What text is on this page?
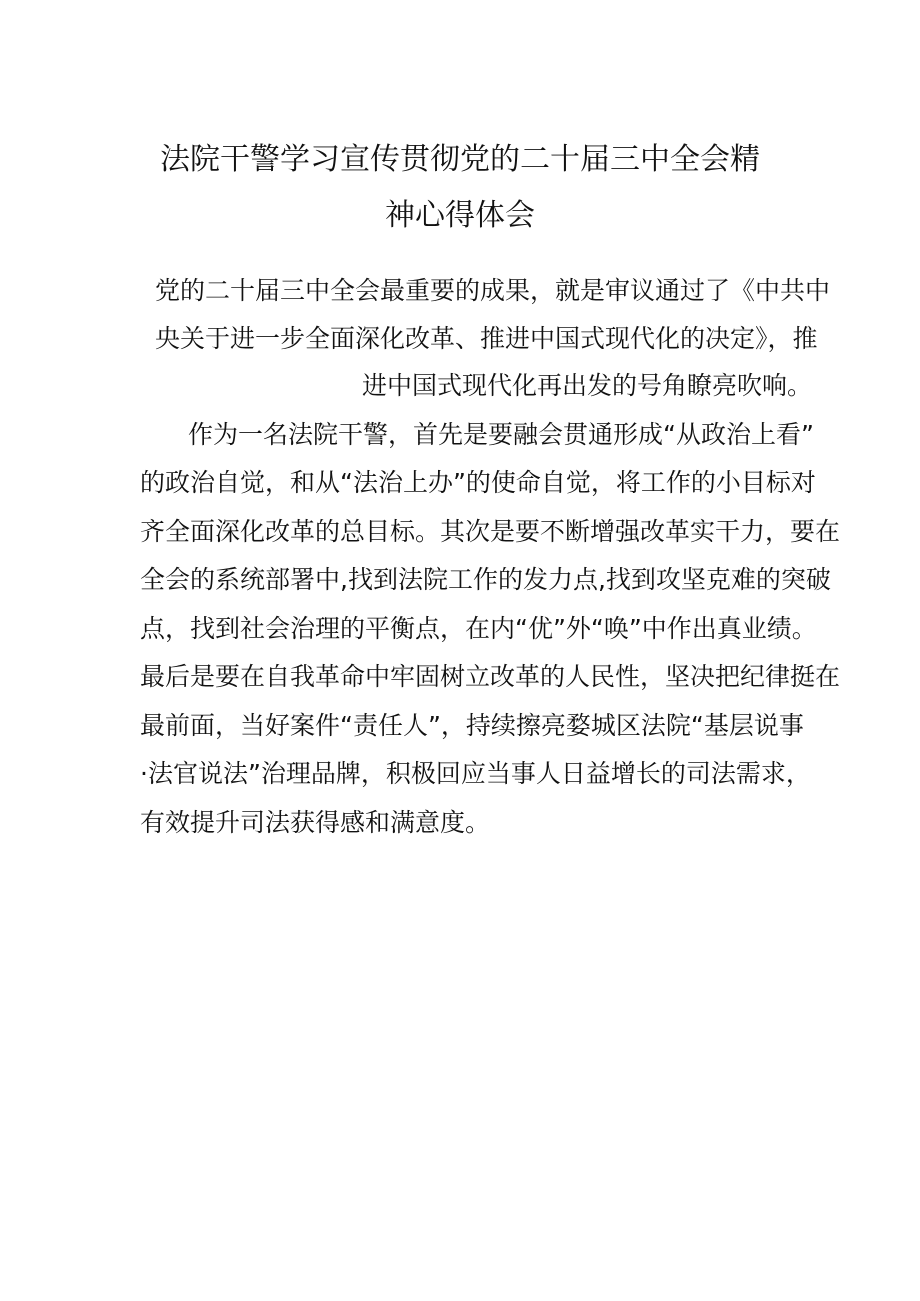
法院干警学习宣传贯彻党的二十届三中全会精
神心得体会
党的二十届三中全会最重要的成果，就是审议通过了《中共中
央关于进一步全面深化改革、推进中国式现代化的决定》，推
进中国式现代化再出发的号角瞭亮吹响。
作为一名法院干警，首先是要融会贯通形成“从政治上看”
的政治自觉，和从“法治上办”的使命自觉，将工作的小目标对
齐全面深化改革的总目标。其次是要不断增强改革实干力，要在
全会的系统部署中,找到法院工作的发力点,找到攻坚克难的突破
点，找到社会治理的平衡点，在内“优”外“唤”中作出真业绩。
最后是要在自我革命中牢固树立改革的人民性，坚决把纪律挺在
最前面，当好案件“责任人”，持续擦亮婺城区法院“基层说事
·法官说法”治理品牌，积极回应当事人日益增长的司法需求，
有效提升司法获得感和满意度。
